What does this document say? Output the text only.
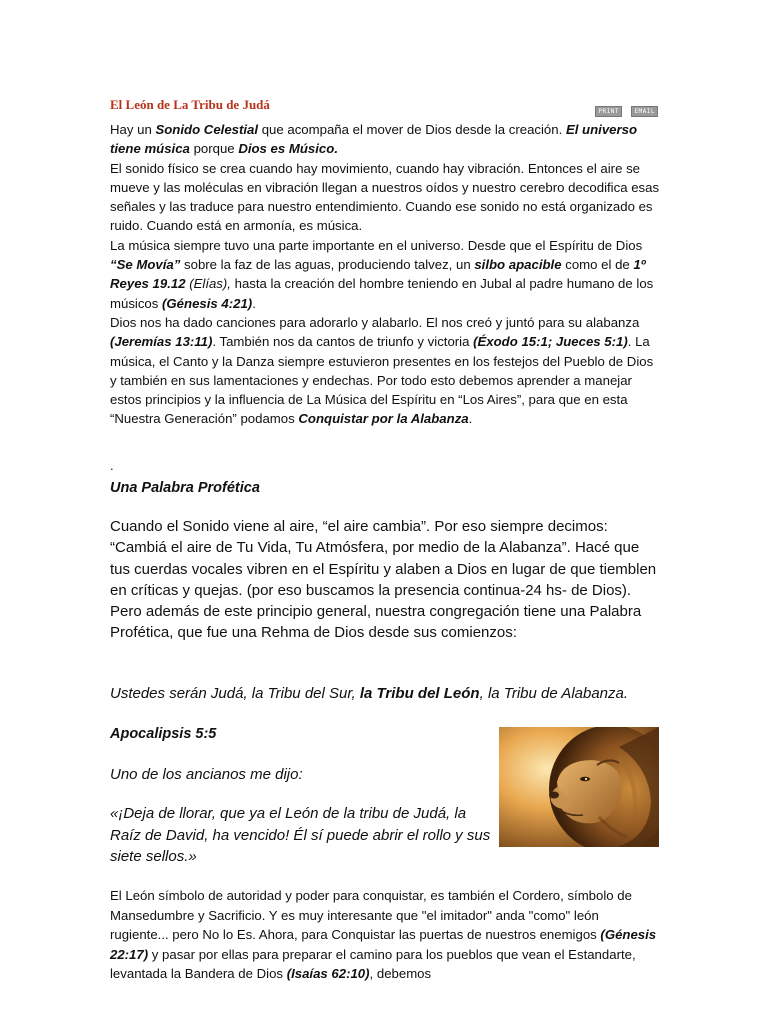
El León de La Tribu de Judá	PRINT	EMAIL

Hay un Sonido Celestial que acompaña el mover de Dios desde la creación. El universo tiene música porque Dios es Músico.

El sonido físico se crea cuando hay movimiento, cuando hay vibración. Entonces el aire se mueve y las moléculas en vibración llegan a nuestros oídos y nuestro cerebro decodifica esas señales y las traduce para nuestro entendimiento. Cuando ese sonido no está organizado es ruido. Cuando está en armonía, es música.

La música siempre tuvo una parte importante en el universo. Desde que el Espíritu de Dios “Se Movía” sobre la faz de las aguas, produciendo talvez, un silbo apacible como el de 1º Reyes 19.12 (Elías), hasta la creación del hombre teniendo en Jubal al padre humano de los músicos (Génesis 4:21).

Dios nos ha dado canciones para adorarlo y alabarlo. El nos creó y juntó para su alabanza (Jeremías 13:11). También nos da cantos de triunfo y victoria (Éxodo 15:1; Jueces 5:1). La música, el Canto y la Danza siempre estuvieron presentes en los festejos del Pueblo de Dios y también en sus lamentaciones y endechas. Por todo esto debemos aprender a manejar estos principios y la influencia de La Música del Espíritu en “Los Aires”, para que en esta “Nuestra Generación” podamos Conquistar por la Alabanza.

.
Una Palabra Profética

Cuando el Sonido viene al aire, “el aire cambia”. Por eso siempre decimos: “Cambiá el aire de Tu Vida, Tu Atmósfera, por medio de la Alabanza”. Hacé que tus cuerdas vocales vibren en el Espíritu y alaben a Dios en lugar de que tiemblen en críticas y quejas. (por eso buscamos la presencia continua-24 hs- de Dios).

Pero además de este principio general, nuestra congregación tiene una Palabra Profética, que fue una Rehma de Dios desde sus comienzos:

Ustedes serán Judá, la Tribu del Sur, la Tribu del León, la Tribu de Alabanza.
Apocalipsis 5:5
Uno de los ancianos me dijo:
«¡Deja de llorar, que ya el León de la tribu de Judá, la Raíz de David, ha vencido! Él sí puede abrir el rollo y sus siete sellos.»

El León símbolo de autoridad y poder para conquistar, es también el Cordero, símbolo de Mansedumbre y Sacrificio. Y es muy interesante que "el imitador" anda "como" león rugiente... pero No lo Es. Ahora, para Conquistar las puertas de nuestros enemigos (Génesis 22:17) y pasar por ellas para preparar el camino para los pueblos que vean el Estandarte, levantada la Bandera de Dios (Isaías 62:10), debemos
